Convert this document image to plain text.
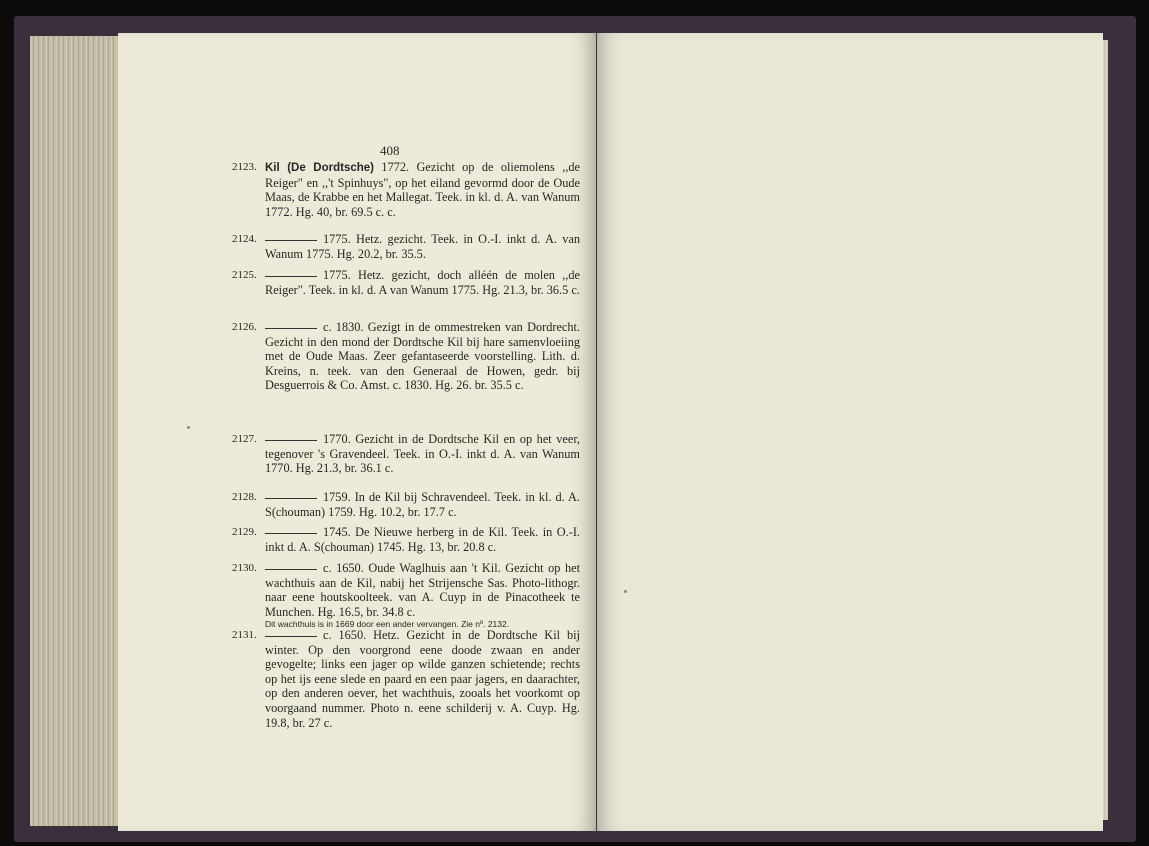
408
2123. Kil (De Dordtsche) 1772. Gezicht op de oliemolens ,,de Reiger" en ,,'t Spinhuys", op het eiland gevormd door de Oude Maas, de Krabbe en het Mallegat. Teek. in kl. d. A. van Wanum 1772. Hg. 40, br. 69.5 c. c.
2124.	1775. Hetz. gezicht. Teek. in O.-I. inkt d. A. van Wanum 1775. Hg. 20.2, br. 35.5.
2125.	1775. Hetz. gezicht, doch alléén de molen ,,de Reiger". Teek. in kl. d. A van Wanum 1775. Hg. 21.3, br. 36.5 c.
2126.	c. 1830. Gezigt in de ommestreken van Dordrecht. Gezicht in den mond der Dordtsche Kil bij hare samenvloeiing met de Oude Maas. Zeer gefantaseerde voorstelling. Lith. d. Kreins, n. teek. van den Generaal de Howen, gedr. bij Desguerrois & Co. Amst. c. 1830. Hg. 26. br. 35.5 c.
2127.	1770. Gezicht in de Dordtsche Kil en op het veer, tegenover 's Gravendeel. Teek. in O.-I. inkt d. A. van Wanum 1770. Hg. 21.3, br. 36.1 c.
2128.	1759. In de Kil bij Schravendeel. Teek. in kl. d. A. S(chouman) 1759. Hg. 10.2, br. 17.7 c.
2129.	1745. De Nieuwe herberg in de Kil. Teek. in O.-I. inkt d. A. S(chouman) 1745. Hg. 13, br. 20.8 c.
2130.	c. 1650. Oude Waglhuis aan 't Kil. Gezicht op het wachthuis aan de Kil, nabij het Strijensche Sas. Photo-lithogr. naar eene houtskoolteek. van A. Cuyp in de Pinacotheek te Munchen. Hg. 16.5, br. 34.8 c.

Dit wachthuis is in 1669 door een ander vervangen. Zie nº. 2132.

2131.	c. 1650. Hetz. Gezicht in de Dordtsche Kil bij winter. Op den voorgrond eene doode zwaan en ander gevogelte; links een jager op wilde ganzen schietende; rechts op het ijs eene slede en paard en een paar jagers, en daarachter, op den anderen oever, het wachthuis, zooals het voorkomt op voorgaand nummer. Photo n. eene schilderij v. A. Cuyp. Hg. 19.8, br. 27 c.
